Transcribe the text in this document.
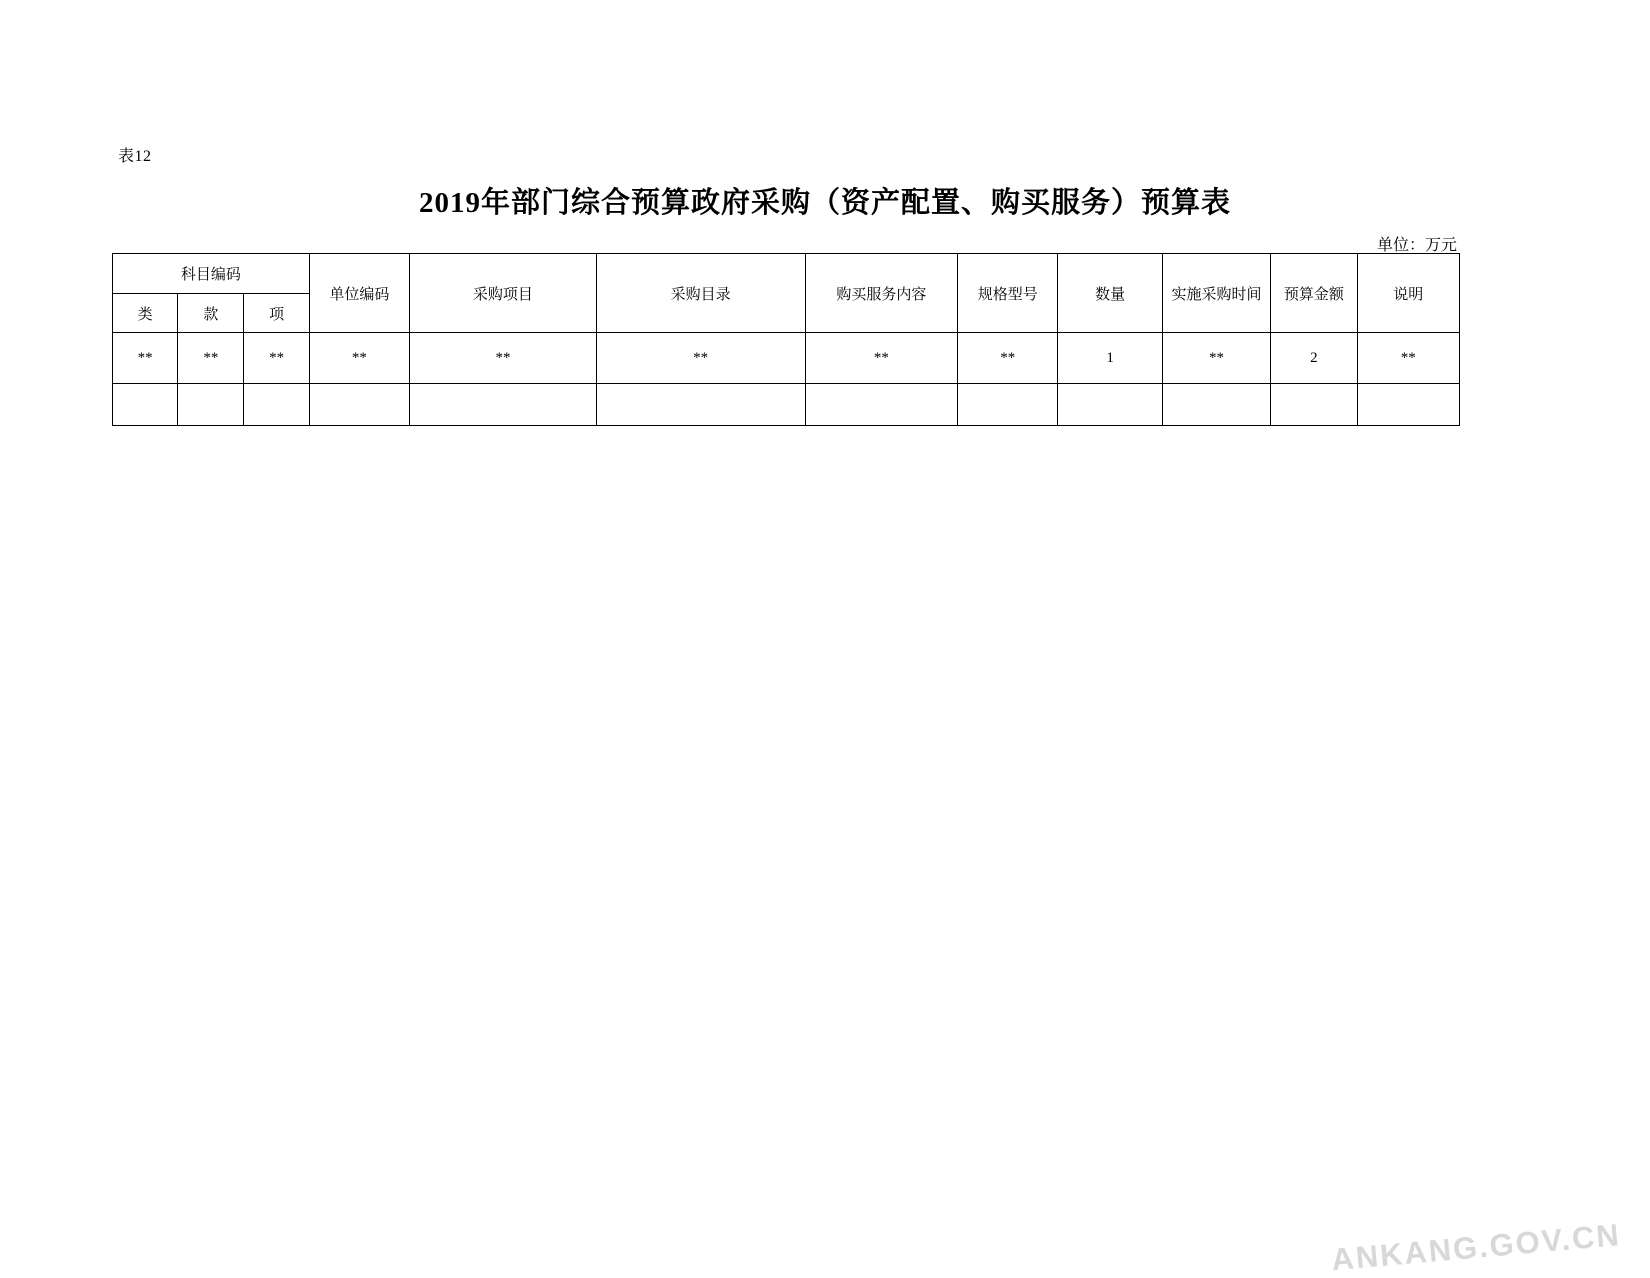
表12
2019年部门综合预算政府采购（资产配置、购买服务）预算表
单位：万元
科目编码			单位编码	采购项目	采购目录	购买服务内容	规格型号	数量	实施采购时间	预算金额	说明
类	款	项									
**	**	**	**	**	**	**	**	1	**	2	**

ANKANG.GOV.CN
